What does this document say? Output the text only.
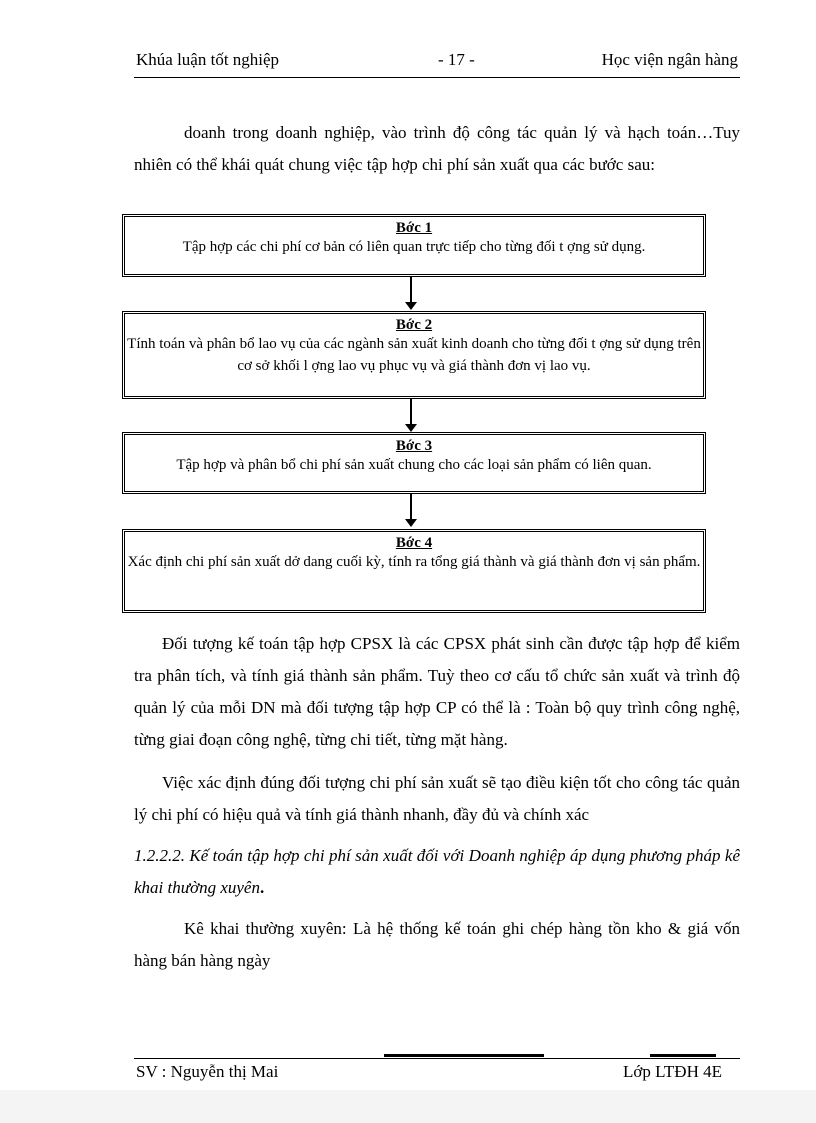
Khúa luận tốt nghiệp	- 17 -	Học viện ngân hàng
doanh trong doanh nghiệp, vào trình độ công tác quản lý và hạch toán…Tuy nhiên có thể khái quát chung việc tập hợp chi phí sản xuất qua các bước sau:
Bớc 1
Tập hợp các chi phí cơ bản có liên quan trực tiếp cho từng đối t ợng sử dụng.
Bớc 2
Tính toán và phân bổ lao vụ của các ngành sản xuất kinh doanh cho từng đối t ợng sử dụng trên cơ sở khối l ợng lao vụ phục vụ và giá thành đơn vị lao vụ.
Bớc 3
Tập hợp và phân bổ chi phí sản xuất chung cho các loại sản phẩm có liên quan.
Bớc 4
Xác định chi phí sản xuất dở dang cuối kỳ, tính ra tổng giá thành và giá thành đơn vị sản phẩm.
Đối tượng kế toán tập hợp CPSX là các CPSX phát sinh cần được tập hợp để kiểm tra phân tích, và tính giá thành sản phẩm. Tuỳ theo cơ cấu tổ chức sản xuất và trình độ quản lý của mỗi DN mà đối tượng tập hợp CP có thể là : Toàn bộ quy trình công nghệ, từng giai đoạn công nghệ, từng chi tiết, từng mặt hàng.
Việc xác định đúng đối tượng chi phí sản xuất sẽ tạo điều kiện tốt cho công tác quản lý chi phí có hiệu quả và tính giá thành nhanh, đầy đủ và chính xác
1.2.2.2. Kế toán tập hợp chi phí sản xuất đối với Doanh nghiệp áp dụng phương pháp kê khai thường xuyên.
Kê khai thường xuyên: Là hệ thống kế toán ghi chép hàng tồn kho & giá vốn hàng bán hàng ngày
SV : Nguyễn thị Mai	Lớp LTĐH 4E
